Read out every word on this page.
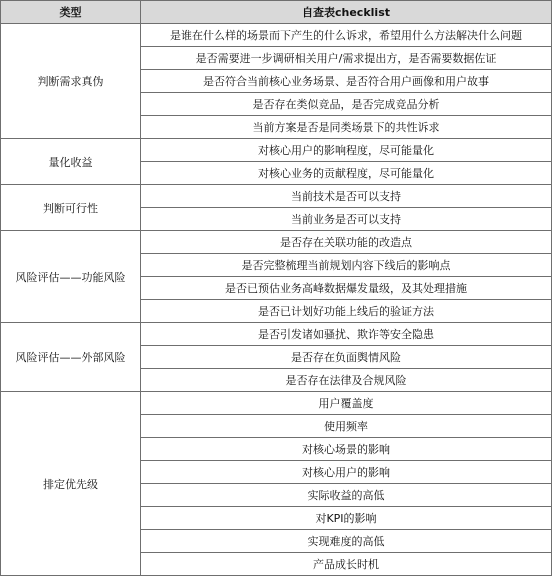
类型	自查表checklist
判断需求真伪	是谁在什么样的场景而下产生的什么诉求，希望用什么方法解决什么问题
	是否需要进一步调研相关用户/需求提出方，是否需要数据佐证
	是否符合当前核心业务场景、是否符合用户画像和用户故事
	是否存在类似竞品，是否完成竞品分析
	当前方案是否是同类场景下的共性诉求
量化收益	对核心用户的影响程度，尽可能量化
	对核心业务的贡献程度，尽可能量化
判断可行性	当前技术是否可以支持
	当前业务是否可以支持
风险评估——功能风险	是否存在关联功能的改造点
	是否完整梳理当前规划内容下线后的影响点
	是否已预估业务高峰数据爆发量级，及其处理措施
	是否已计划好功能上线后的验证方法
风险评估——外部风险	是否引发诸如骚扰、欺诈等安全隐患
	是否存在负面舆情风险
	是否存在法律及合规风险
排定优先级	用户覆盖度
	使用频率
	对核心场景的影响
	对核心用户的影响
	实际收益的高低
	对KPI的影响
	实现难度的高低
	产品成长时机
